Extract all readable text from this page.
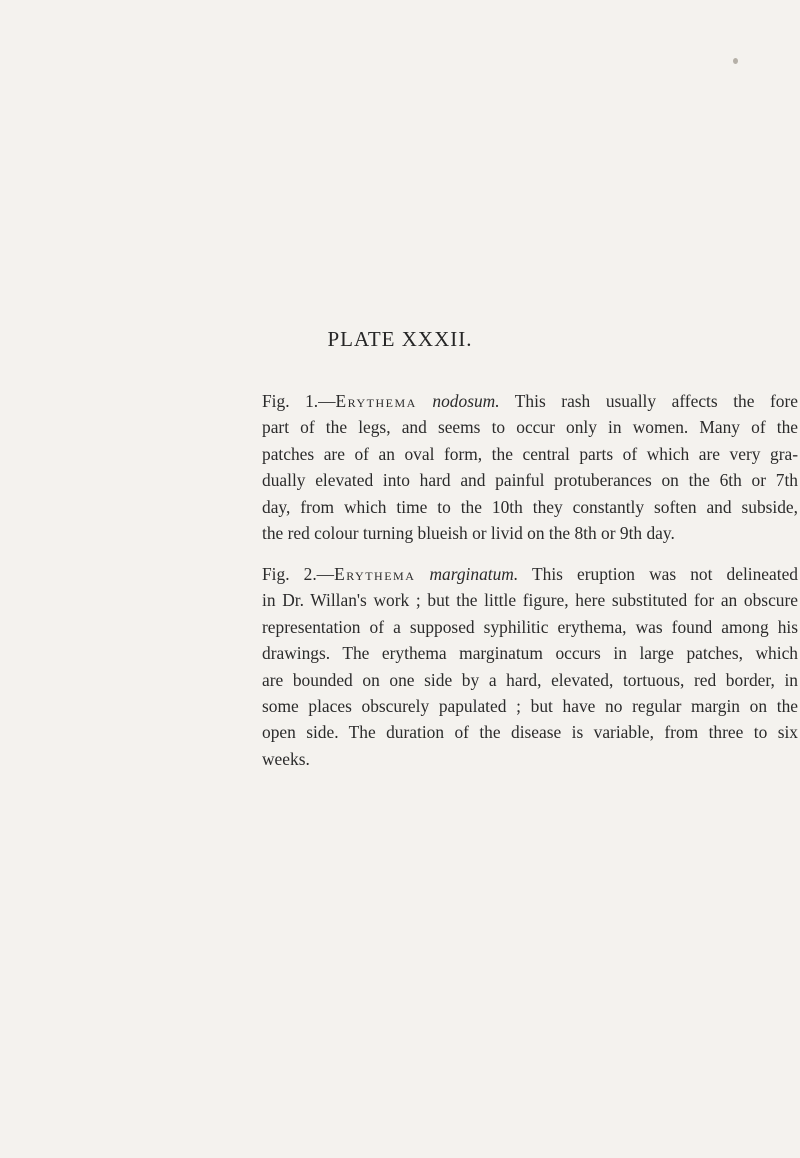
PLATE XXXII.
Fig. 1.—Erythema nodosum. This rash usually affects the fore
part of the legs, and seems to occur only in women. Many of the
patches are of an oval form, the central parts of which are very gra-
dually elevated into hard and painful protuberances on the 6th or 7th
day, from which time to the 10th they constantly soften and subside,
the red colour turning blueish or livid on the 8th or 9th day.
Fig. 2.—Erythema marginatum. This eruption was not delineated
in Dr. Willan's work ; but the little figure, here substituted for an obscure
representation of a supposed syphilitic erythema, was found among his
drawings. The erythema marginatum occurs in large patches, which
are bounded on one side by a hard, elevated, tortuous, red border, in
some places obscurely papulated ; but have no regular margin on the
open side. The duration of the disease is variable, from three to six
weeks.
